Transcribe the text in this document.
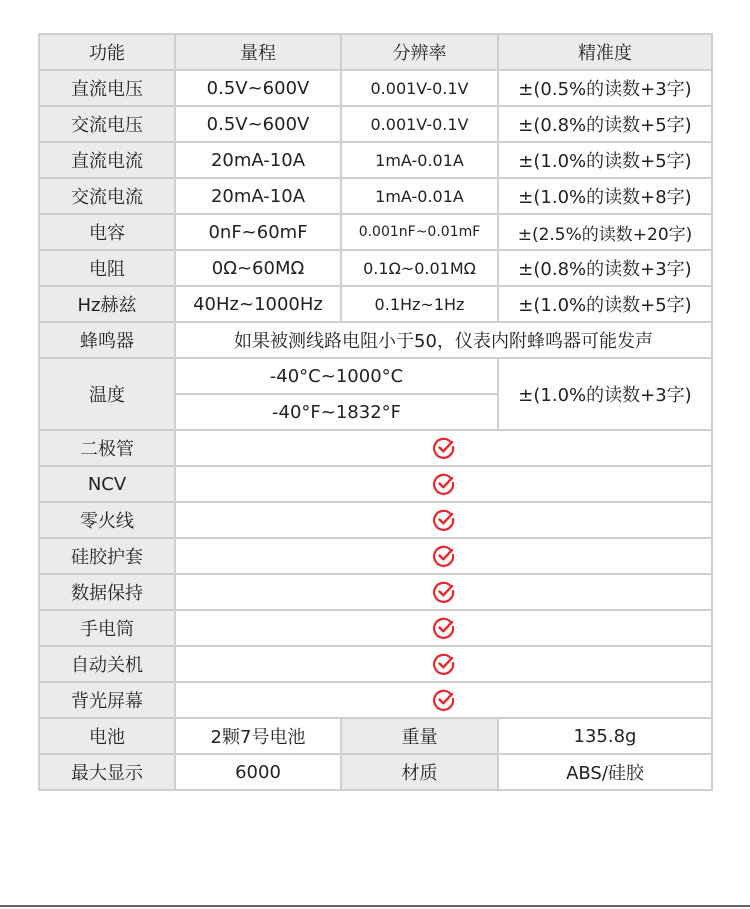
功能	量程	分辨率	精准度
直流电压	0.5V~600V	0.001V-0.1V	±(0.5%的读数+3字)
交流电压	0.5V~600V	0.001V-0.1V	±(0.8%的读数+5字)
直流电流	20mA-10A	1mA-0.01A	±(1.0%的读数+5字)
交流电流	20mA-10A	1mA-0.01A	±(1.0%的读数+8字)
电容	0nF~60mF	0.001nF~0.01mF	±(2.5%的读数+20字)
电阻	0Ω~60MΩ	0.1Ω~0.01MΩ	±(0.8%的读数+3字)
Hz赫兹	40Hz~1000Hz	0.1Hz~1Hz	±(1.0%的读数+5字)
蜂鸣器	如果被测线路电阻小于50，仪表内附蜂鸣器可能发声		
温度	-40°C~1000°C		±(1.0%的读数+3字)
	-40°F~1832°F		
二极管	
NCV	
零火线	
硅胶护套	
数据保持	
手电筒	
自动关机	
背光屏幕	
电池	2颗7号电池	重量	135.8g
最大显示	6000	材质	ABS/硅胶
